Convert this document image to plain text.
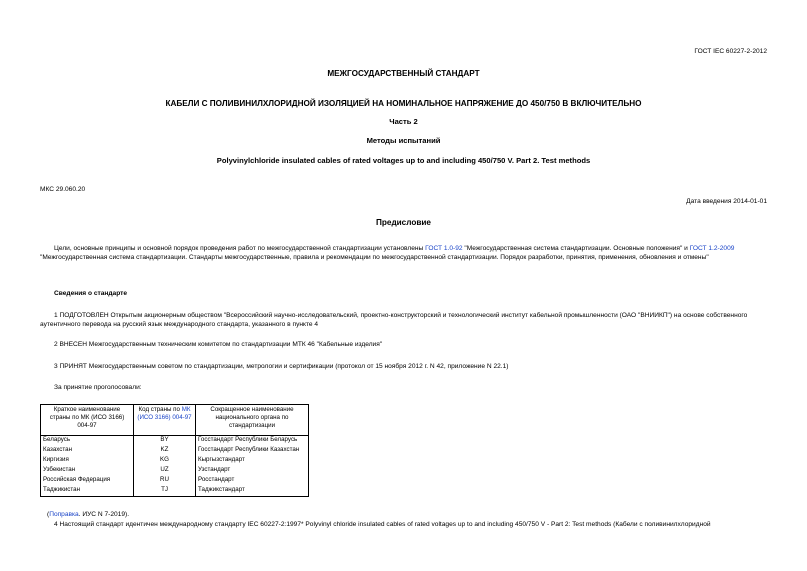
ГОСТ IEC 60227-2-2012
МЕЖГОСУДАРСТВЕННЫЙ СТАНДАРТ
КАБЕЛИ С ПОЛИВИНИЛХЛОРИДНОЙ ИЗОЛЯЦИЕЙ НА НОМИНАЛЬНОЕ НАПРЯЖЕНИЕ ДО 450/750 В ВКЛЮЧИТЕЛЬНО
Часть 2
Методы испытаний
Polyvinylchloride insulated cables of rated voltages up to and including 450/750 V. Part 2. Test methods
МКС 29.060.20
Дата введения 2014-01-01
Предисловие
Цели, основные принципы и основной порядок проведения работ по межгосударственной стандартизации установлены ГОСТ 1.0-92 "Межгосударственная система стандартизации. Основные положения" и ГОСТ 1.2-2009 "Межгосударственная система стандартизации. Стандарты межгосударственные, правила и рекомендации по межгосударственной стандартизации. Порядок разработки, принятия, применения, обновления и отмены"
Сведения о стандарте
1 ПОДГОТОВЛЕН Открытым акционерным обществом "Всероссийский научно-исследовательский, проектно-конструкторский и технологический институт кабельной промышленности (ОАО "ВНИИКП") на основе собственного аутентичного перевода на русский язык международного стандарта, указанного в пункте 4
2 ВНЕСЕН Межгосударственным техническим комитетом по стандартизации МТК 46 "Кабельные изделия"
3 ПРИНЯТ Межгосударственным советом по стандартизации, метрологии и сертификации (протокол от 15 ноября 2012 г. N 42, приложение N 22.1)
За принятие проголосовали:
Краткое наименование страны по МК (ИСО 3166) 004-97	Код страны по МК (ИСО 3166) 004-97	Сокращенное наименование национального органа по стандартизации
Беларусь	BY	Госстандарт Республики Беларусь
Казахстан	KZ	Госстандарт Республики Казахстан
Киргизия	KG	Кыргызстандарт
Узбекистан	UZ	Узстандарт
Российская Федерация	RU	Росстандарт
Таджикистан	TJ	Таджикстандарт
(Поправка. ИУС N 7-2019).
4 Настоящий стандарт идентичен международному стандарту IEC 60227-2:1997* Polyvinyl chloride insulated cables of rated voltages up to and including 450/750 V - Part 2: Test methods (Кабели с поливинилхлоридной
